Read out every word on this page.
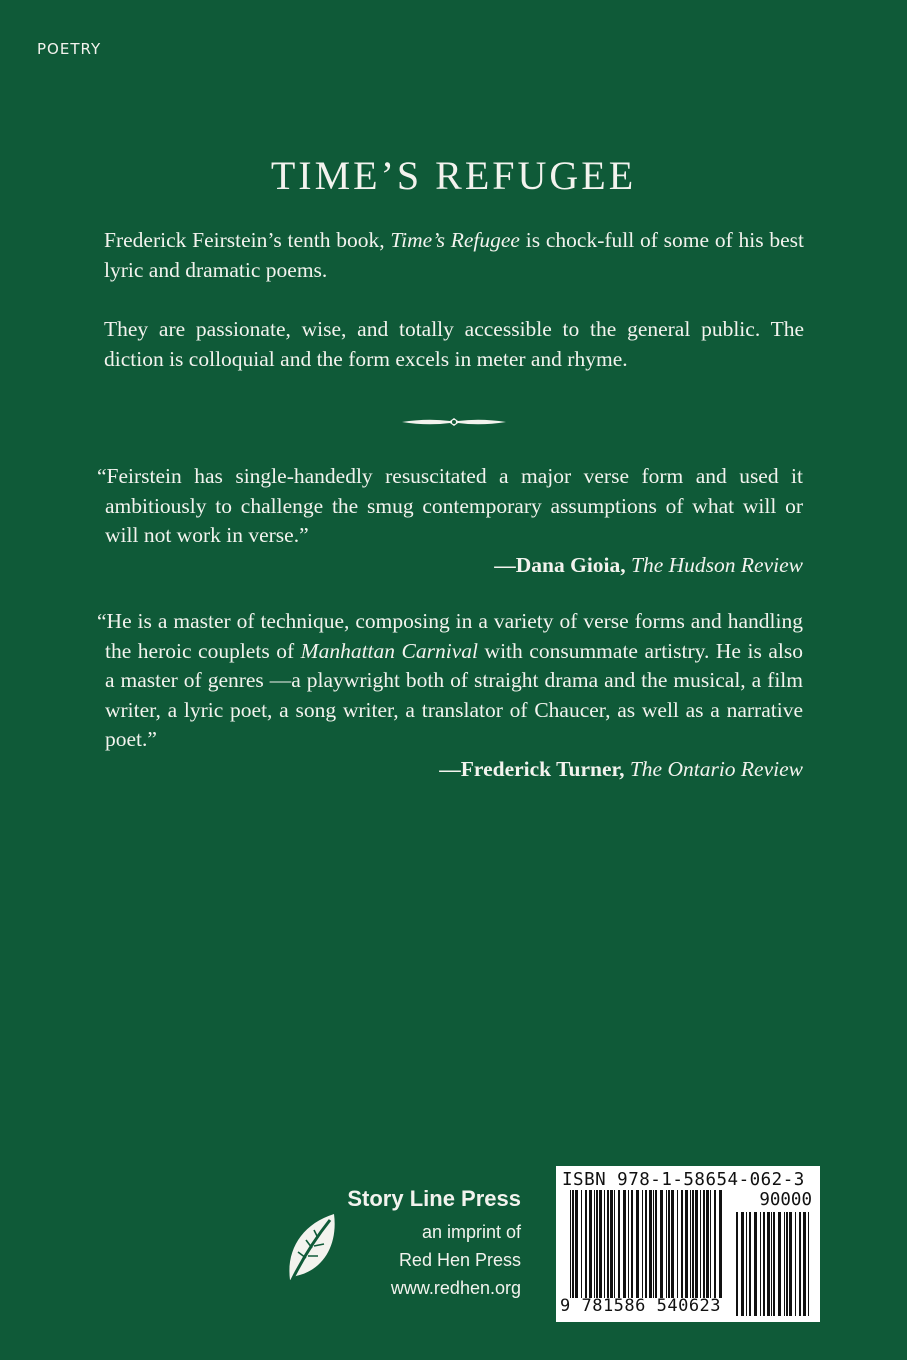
POETRY
TIME’S REFUGEE

Frederick Feirstein’s tenth book, Time’s Refugee is chock-full of some of his best lyric and dramatic poems.

They are passionate, wise, and totally accessible to the general public. The diction is colloquial and the form excels in meter and rhyme.

“Feirstein has single-handedly resuscitated a major verse form and used it ambitiously to challenge the smug contemporary assumptions of what will or will not work in verse.”
—Dana Gioia, The Hudson Review
“He is a master of technique, composing in a variety of verse forms and handling the heroic couplets of Manhattan Carnival with consummate artistry. He is also a master of genres —a playwright both of straight drama and the musical, a film writer, a lyric poet, a song writer, a translator of Chaucer, as well as a narrative poet.”
—Frederick Turner, The Ontario Review
Story Line Press
an imprint of
Red Hen Press
www.redhen.org
ISBN 978-1-58654-062-3
90000
9 781586 540623
